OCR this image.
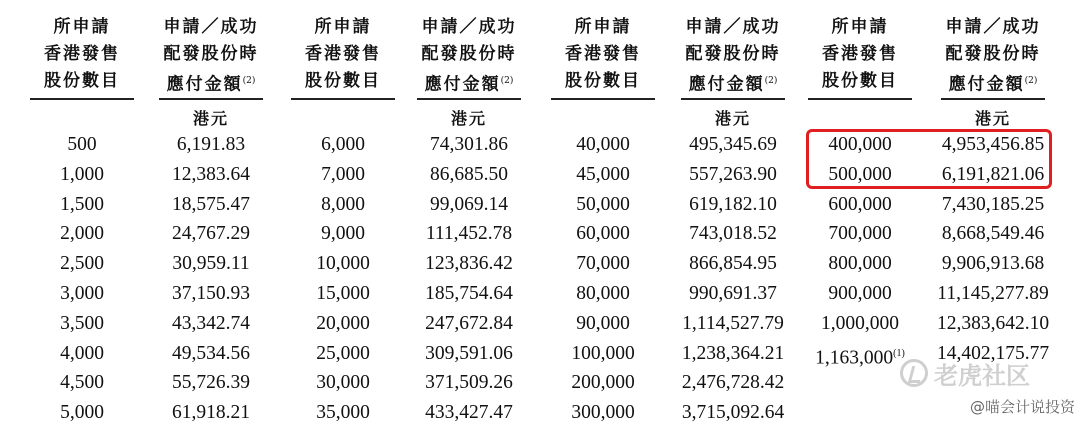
所申請
香港發售
股份數目
申請／成功
配發股份時
應付金額$^{(2)}$
港元
所申請
香港發售
股份數目
申請／成功
配發股份時
應付金額$^{(2)}$
港元
所申請
香港發售
股份數目
申請／成功
配發股份時
應付金額$^{(2)}$
港元
所申請
香港發售
股份數目
申請／成功
配發股份時
應付金額$^{(2)}$
港元
500
1,000
1,500
2,000
2,500
3,000
3,500
4,000
4,500
5,000
6,191.83
12,383.64
18,575.47
24,767.29
30,959.11
37,150.93
43,342.74
49,534.56
55,726.39
61,918.21
6,000
7,000
8,000
9,000
10,000
15,000
20,000
25,000
30,000
35,000
74,301.86
86,685.50
99,069.14
111,452.78
123,836.42
185,754.64
247,672.84
309,591.06
371,509.26
433,427.47
40,000
45,000
50,000
60,000
70,000
80,000
90,000
100,000
200,000
300,000
495,345.69
557,263.90
619,182.10
743,018.52
866,854.95
990,691.37
1,114,527.79
1,238,364.21
2,476,728.42
3,715,092.64
400,000
500,000
600,000
700,000
800,000
900,000
1,000,000
1,163,000$^{(1)}$
4,953,456.85
6,191,821.06
7,430,185.25
8,668,549.46
9,906,913.68
11,145,277.89
12,383,642.10
14,402,175.77
老虎社区
@喵会计说投资
